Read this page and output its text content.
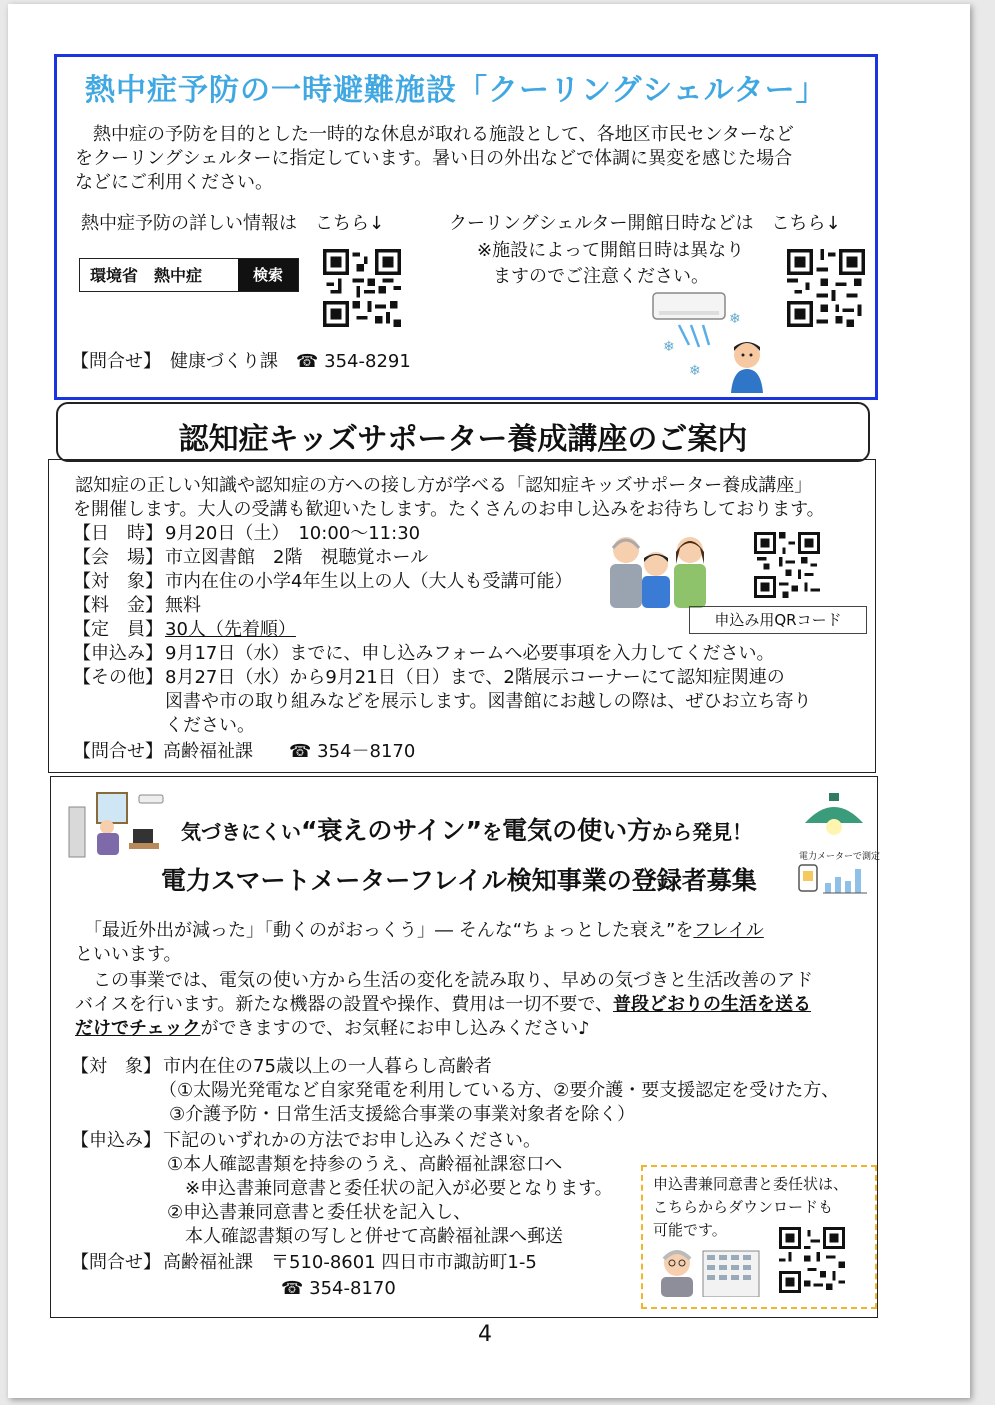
熱中症予防の一時避難施設「クーリングシェルター」
　熱中症の予防を目的とした一時的な休息が取れる施設として、各地区市民センターなど
をクーリングシェルターに指定しています。暑い日の外出などで体調に異変を感じた場合
などにご利用ください。
熱中症予防の詳しい情報は　こちら↓
環境省　熱中症	検索
クーリングシェルター開館日時などは　こちら↓
※施設によって開館日時は異なり
ますのでご注意ください。
❄
❄
❄
【問合せ】　健康づくり課　☎ 354-8291
認知症キッズサポーター養成講座のご案内
　認知症の正しい知識や認知症の方への接し方が学べる「認知症キッズサポーター養成講座」
を開催します。大人の受講も歓迎いたします。たくさんのお申し込みをお待ちしております。
【日　時】 9月20日（土）　10:00～11:30
【会　場】 市立図書館　2階　視聴覚ホール
【対　象】 市内在住の小学4年生以上の人（大人も受講可能）
【料　金】 無料
【定　員】 30人（先着順）
【申込み】 9月17日（水）までに、申し込みフォームへ必要事項を入力してください。
【その他】 8月27日（水）から9月21日（日）まで、2階展示コーナーにて認知症関連の
図書や市の取り組みなどを展示します。図書館にお越しの際は、ぜひお立ち寄り
ください。
【問合せ】高齢福祉課　　☎ 354－8170
申込み用QRコード
気づきにくい“衰えのサイン”を電気の使い方から発見！
電力スマートメーターフレイル検知事業の登録者募集
電力メーターで測定
　「最近外出が減った」「動くのがおっくう」― そんな“ちょっとした衰え”をフレイル
といいます。
　この事業では、電気の使い方から生活の変化を読み取り、早めの気づきと生活改善のアド
バイスを行います。新たな機器の設置や操作、費用は一切不要で、普段どおりの生活を送る
だけでチェックができますので、お気軽にお申し込みください♪
【対　象】 市内在住の75歳以上の一人暮らし高齢者
（①太陽光発電など自家発電を利用している方、②要介護・要支援認定を受けた方、
③介護予防・日常生活支援総合事業の事業対象者を除く）
【申込み】 下記のいずれかの方法でお申し込みください。
①本人確認書類を持参のうえ、高齢福祉課窓口へ
※申込書兼同意書と委任状の記入が必要となります。
②申込書兼同意書と委任状を記入し、
本人確認書類の写しと併せて高齢福祉課へ郵送
【問合せ】 高齢福祉課　〒510-8601 四日市市諏訪町1-5
☎ 354-8170
申込書兼同意書と委任状は、
こちらからダウンロードも
可能です。
4
